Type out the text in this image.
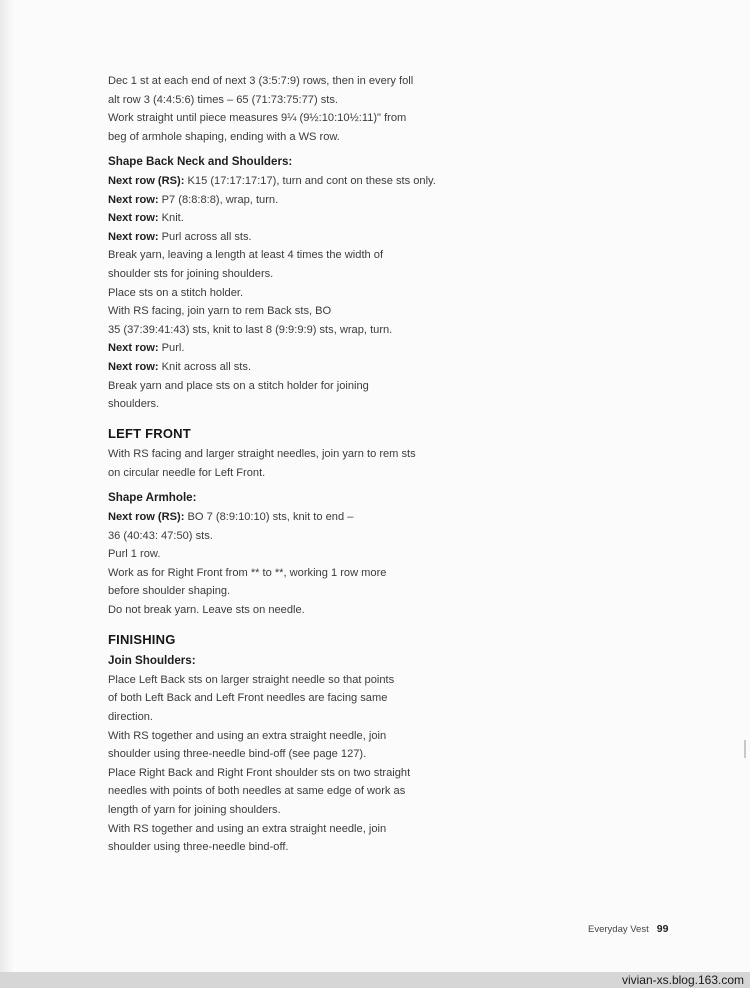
Dec 1 st at each end of next 3 (3:5:7:9) rows, then in every foll
alt row 3 (4:4:5:6) times – 65 (71:73:75:77) sts.
Work straight until piece measures 9¼ (9½:10:10½:11)" from
beg of armhole shaping, ending with a WS row.
Shape Back Neck and Shoulders:
Next row (RS): K15 (17:17:17:17), turn and cont on these sts only.
Next row: P7 (8:8:8:8), wrap, turn.
Next row: Knit.
Next row: Purl across all sts.
Break yarn, leaving a length at least 4 times the width of
shoulder sts for joining shoulders.
Place sts on a stitch holder.
With RS facing, join yarn to rem Back sts, BO
35 (37:39:41:43) sts, knit to last 8 (9:9:9:9) sts, wrap, turn.
Next row: Purl.
Next row: Knit across all sts.
Break yarn and place sts on a stitch holder for joining
shoulders.
LEFT FRONT
With RS facing and larger straight needles, join yarn to rem sts
on circular needle for Left Front.
Shape Armhole:
Next row (RS): BO 7 (8:9:10:10) sts, knit to end –
36 (40:43: 47:50) sts.
Purl 1 row.
Work as for Right Front from ** to **, working 1 row more
before shoulder shaping.
Do not break yarn. Leave sts on needle.
FINISHING
Join Shoulders:
Place Left Back sts on larger straight needle so that points
of both Left Back and Left Front needles are facing same
direction.
With RS together and using an extra straight needle, join
shoulder using three-needle bind-off (see page 127).
Place Right Back and Right Front shoulder sts on two straight
needles with points of both needles at same edge of work as
length of yarn for joining shoulders.
With RS together and using an extra straight needle, join
shoulder using three-needle bind-off.
Everyday Vest 99
vivian-xs.blog.163.com
